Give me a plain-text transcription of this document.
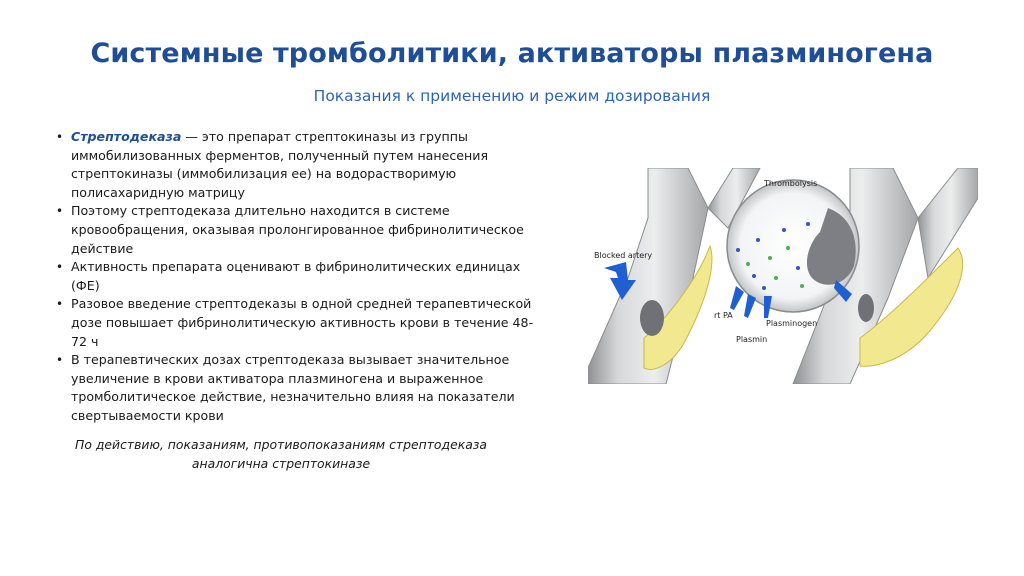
Системные тромболитики, активаторы плазминогена
Показания к применению и режим дозирования
• Стрептодеказа — это препарат стрептокиназы из группы иммобилизованных ферментов, полученный путем нанесения стрептокиназы (иммобилизация ее) на водорастворимую полисахаридную матрицу
• Поэтому стрептодеказа длительно находится в системе кровообращения, оказывая пролонгированное фибринолитическое действие
• Активность препарата оценивают в фибринолитических единицах (ФЕ)
• Разовое введение стрептодеказы в одной средней терапевтической дозе повышает фибринолитическую активность крови в течение 48-72 ч
• В терапевтических дозах стрептодеказа вызывает значительное увеличение в крови активатора плазминогена и выраженное тромболитическое действие, незначительно влияя на показатели свертываемости крови
По действию, показаниям, противопоказаниям стрептодеказа
аналогична стрептокиназе
Thrombolysis
Blocked artery
rt PA
Plasminogen
Plasmin
